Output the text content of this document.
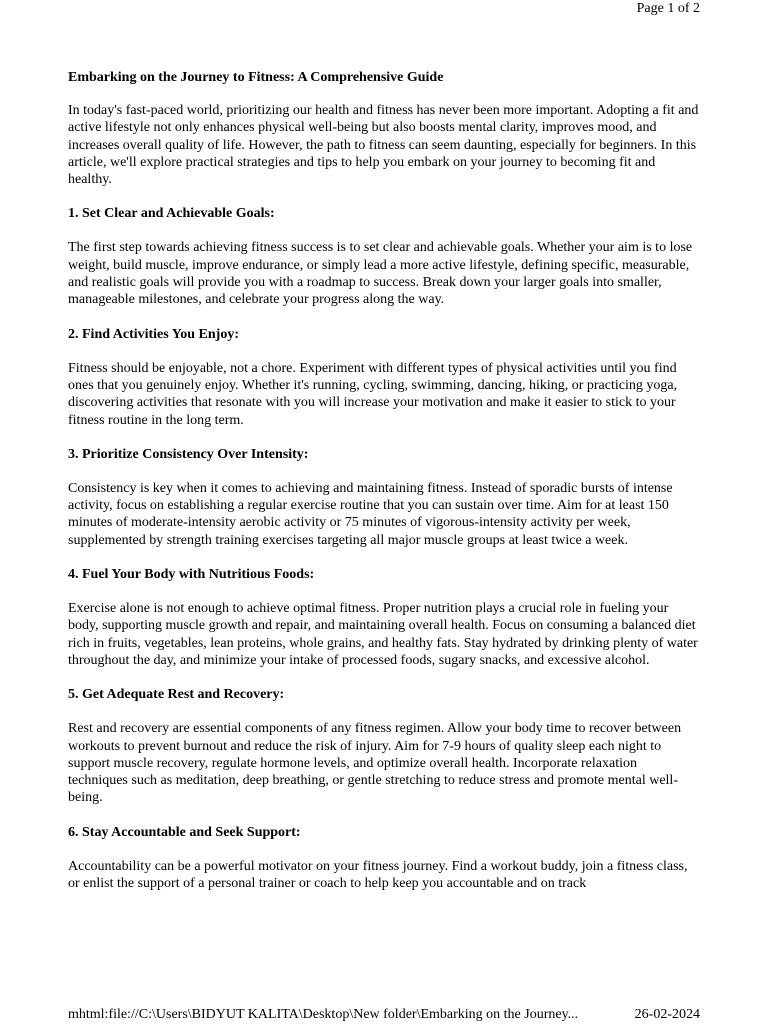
Page 1 of 2
Embarking on the Journey to Fitness: A Comprehensive Guide
In today's fast-paced world, prioritizing our health and fitness has never been more important. Adopting a fit and active lifestyle not only enhances physical well-being but also boosts mental clarity, improves mood, and increases overall quality of life. However, the path to fitness can seem daunting, especially for beginners. In this article, we'll explore practical strategies and tips to help you embark on your journey to becoming fit and healthy.
1. Set Clear and Achievable Goals:
The first step towards achieving fitness success is to set clear and achievable goals. Whether your aim is to lose weight, build muscle, improve endurance, or simply lead a more active lifestyle, defining specific, measurable, and realistic goals will provide you with a roadmap to success. Break down your larger goals into smaller, manageable milestones, and celebrate your progress along the way.
2. Find Activities You Enjoy:
Fitness should be enjoyable, not a chore. Experiment with different types of physical activities until you find ones that you genuinely enjoy. Whether it's running, cycling, swimming, dancing, hiking, or practicing yoga, discovering activities that resonate with you will increase your motivation and make it easier to stick to your fitness routine in the long term.
3. Prioritize Consistency Over Intensity:
Consistency is key when it comes to achieving and maintaining fitness. Instead of sporadic bursts of intense activity, focus on establishing a regular exercise routine that you can sustain over time. Aim for at least 150 minutes of moderate-intensity aerobic activity or 75 minutes of vigorous-intensity activity per week, supplemented by strength training exercises targeting all major muscle groups at least twice a week.
4. Fuel Your Body with Nutritious Foods:
Exercise alone is not enough to achieve optimal fitness. Proper nutrition plays a crucial role in fueling your body, supporting muscle growth and repair, and maintaining overall health. Focus on consuming a balanced diet rich in fruits, vegetables, lean proteins, whole grains, and healthy fats. Stay hydrated by drinking plenty of water throughout the day, and minimize your intake of processed foods, sugary snacks, and excessive alcohol.
5. Get Adequate Rest and Recovery:
Rest and recovery are essential components of any fitness regimen. Allow your body time to recover between workouts to prevent burnout and reduce the risk of injury. Aim for 7-9 hours of quality sleep each night to support muscle recovery, regulate hormone levels, and optimize overall health. Incorporate relaxation techniques such as meditation, deep breathing, or gentle stretching to reduce stress and promote mental well-being.
6. Stay Accountable and Seek Support:
Accountability can be a powerful motivator on your fitness journey. Find a workout buddy, join a fitness class, or enlist the support of a personal trainer or coach to help keep you accountable and on track
mhtml:file://C:\Users\BIDYUT KALITA\Desktop\New folder\Embarking on the Journey...	26-02-2024
